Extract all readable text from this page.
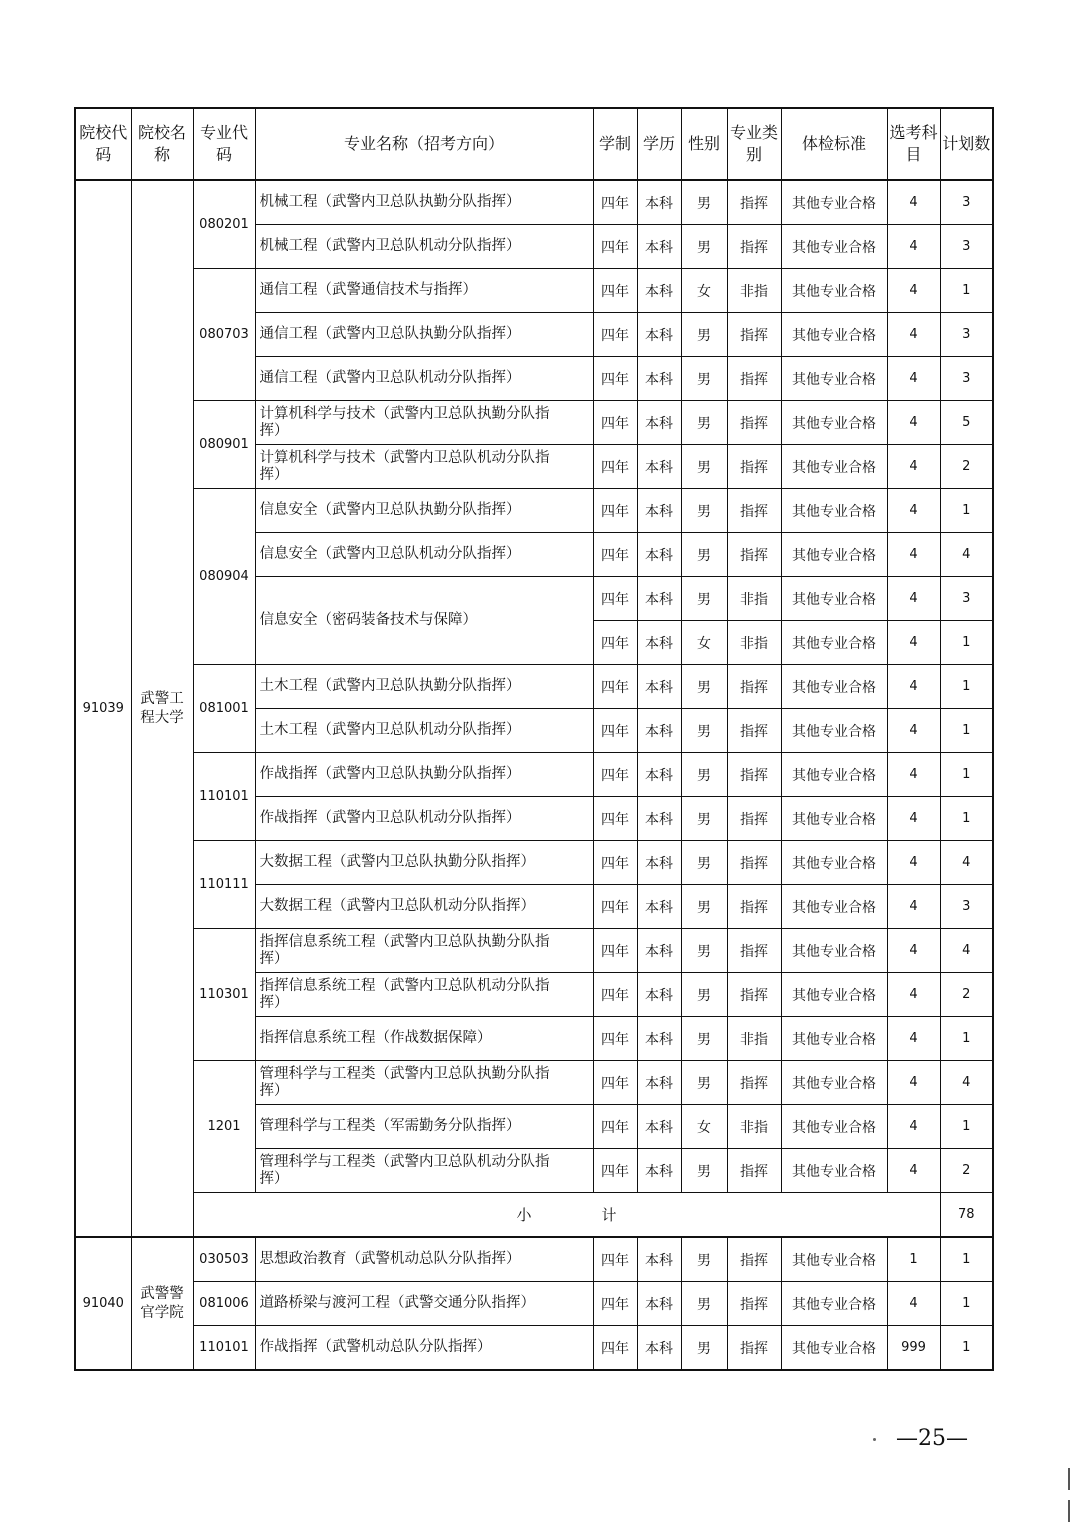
院校代码	院校名称	专业代码	专业名称（招考方向）	学制	学历	性别	专业类别	体检标准	选考科目	计划数
91039	武警工程大学	080201	机械工程（武警内卫总队执勤分队指挥）	四年	本科	男	指挥	其他专业合格	4	3
			机械工程（武警内卫总队机动分队指挥）	四年	本科	男	指挥	其他专业合格	4	3
		080703	通信工程（武警通信技术与指挥）	四年	本科	女	非指	其他专业合格	4	1
			通信工程（武警内卫总队执勤分队指挥）	四年	本科	男	指挥	其他专业合格	4	3
			通信工程（武警内卫总队机动分队指挥）	四年	本科	男	指挥	其他专业合格	4	3
		080901	计算机科学与技术（武警内卫总队执勤分队指挥）	四年	本科	男	指挥	其他专业合格	4	5
			计算机科学与技术（武警内卫总队机动分队指挥）	四年	本科	男	指挥	其他专业合格	4	2
		080904	信息安全（武警内卫总队执勤分队指挥）	四年	本科	男	指挥	其他专业合格	4	1
			信息安全（武警内卫总队机动分队指挥）	四年	本科	男	指挥	其他专业合格	4	4
			信息安全（密码装备技术与保障）	四年	本科	男	非指	其他专业合格	4	3
				四年	本科	女	非指	其他专业合格	4	1
		081001	土木工程（武警内卫总队执勤分队指挥）	四年	本科	男	指挥	其他专业合格	4	1
			土木工程（武警内卫总队机动分队指挥）	四年	本科	男	指挥	其他专业合格	4	1
		110101	作战指挥（武警内卫总队执勤分队指挥）	四年	本科	男	指挥	其他专业合格	4	1
			作战指挥（武警内卫总队机动分队指挥）	四年	本科	男	指挥	其他专业合格	4	1
		110111	大数据工程（武警内卫总队执勤分队指挥）	四年	本科	男	指挥	其他专业合格	4	4
			大数据工程（武警内卫总队机动分队指挥）	四年	本科	男	指挥	其他专业合格	4	3
		110301	指挥信息系统工程（武警内卫总队执勤分队指挥）	四年	本科	男	指挥	其他专业合格	4	4
			指挥信息系统工程（武警内卫总队机动分队指挥）	四年	本科	男	指挥	其他专业合格	4	2
			指挥信息系统工程（作战数据保障）	四年	本科	男	非指	其他专业合格	4	1
		1201	管理科学与工程类（武警内卫总队执勤分队指挥）	四年	本科	男	指挥	其他专业合格	4	4
			管理科学与工程类（军需勤务分队指挥）	四年	本科	女	非指	其他专业合格	4	1
			管理科学与工程类（武警内卫总队机动分队指挥）	四年	本科	男	指挥	其他专业合格	4	2
		小计								78
91040	武警警官学院	030503	思想政治教育（武警机动总队分队指挥）	四年	本科	男	指挥	其他专业合格	1	1
		081006	道路桥梁与渡河工程（武警交通分队指挥）	四年	本科	男	指挥	其他专业合格	4	1
		110101	作战指挥（武警机动总队分队指挥）	四年	本科	男	指挥	其他专业合格	999	1
—25—
